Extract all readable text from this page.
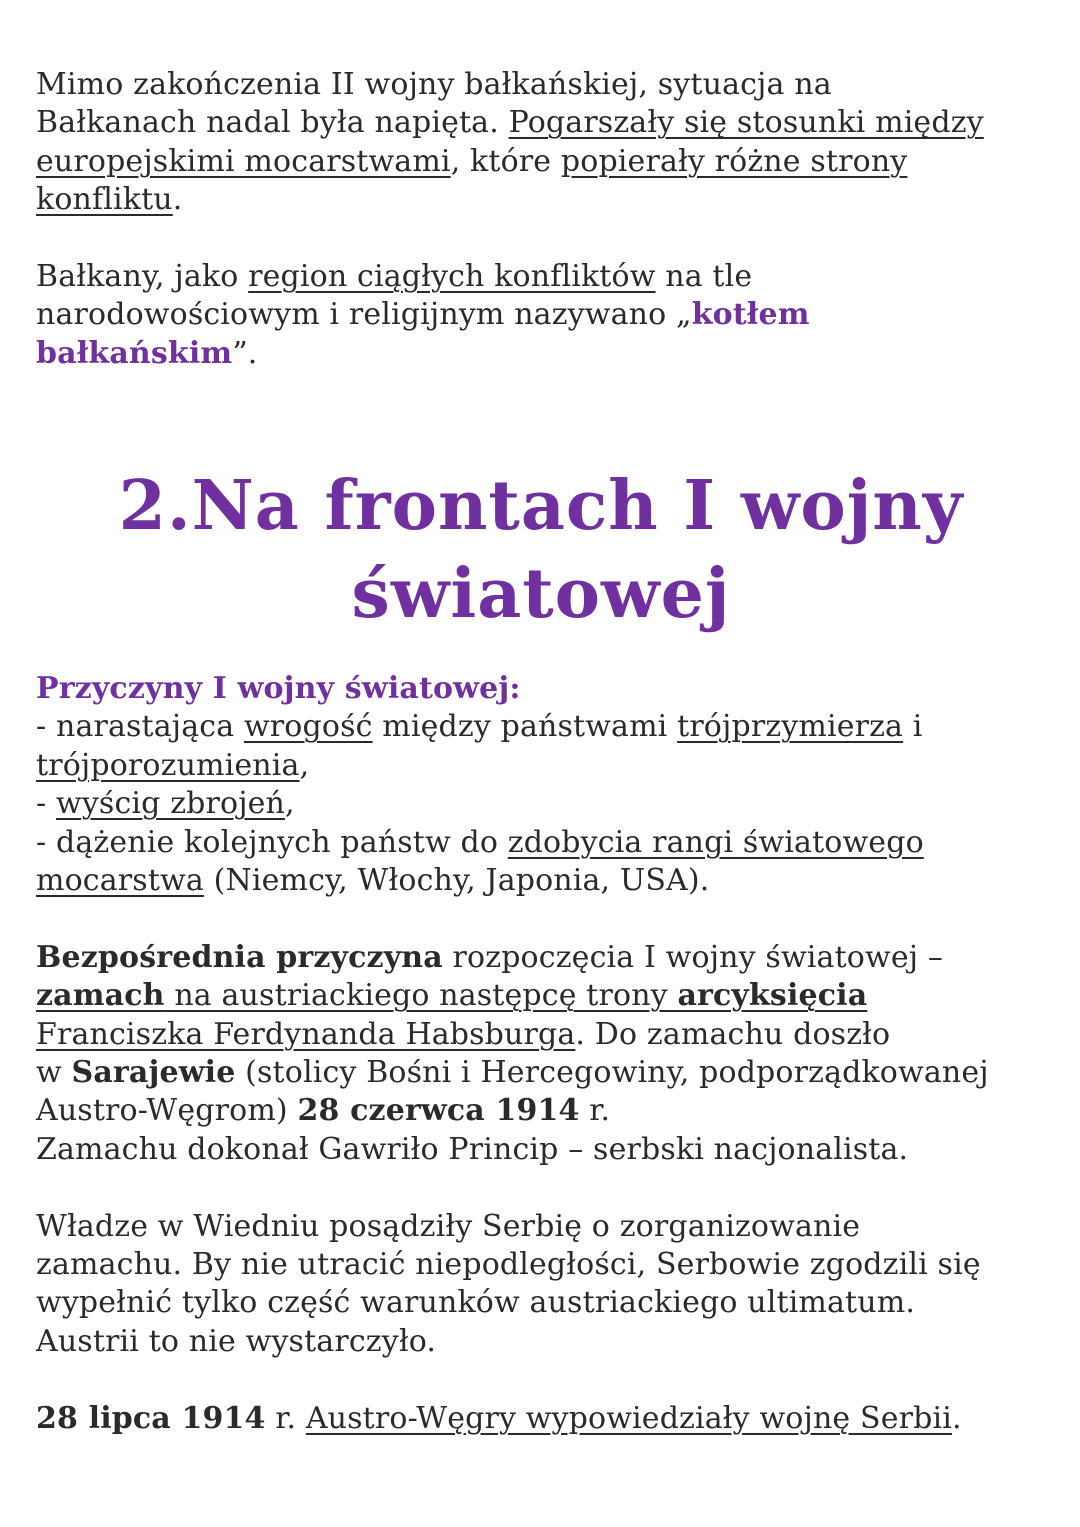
Mimo zakończenia II wojny bałkańskiej, sytuacja na

Bałkanach nadal była napięta. Pogarszały się stosunki między

europejskimi mocarstwami, które popierały różne strony

konfliktu.

Bałkany, jako region ciągłych konfliktów na tle

narodowościowym i religijnym nazywano „kotłem

bałkańskim”.

2.Na frontach I wojny
światowej

Przyczyny I wojny światowej:

- narastająca wrogość między państwami trójprzymierza i

trójporozumienia,

- wyścig zbrojeń,

- dążenie kolejnych państw do zdobycia rangi światowego

mocarstwa (Niemcy, Włochy, Japonia, USA).

Bezpośrednia przyczyna rozpoczęcia I wojny światowej –

zamach na austriackiego następcę trony arcyksięcia

Franciszka Ferdynanda Habsburga. Do zamachu doszło

w Sarajewie (stolicy Bośni i Hercegowiny, podporządkowanej

Austro-Węgrom) 28 czerwca 1914 r.

Zamachu dokonał Gawriło Princip – serbski nacjonalista.

Władze w Wiedniu posądziły Serbię o zorganizowanie

zamachu. By nie utracić niepodległości, Serbowie zgodzili się

wypełnić tylko część warunków austriackiego ultimatum.

Austrii to nie wystarczyło.

28 lipca 1914 r. Austro-Węgry wypowiedziały wojnę Serbii.
